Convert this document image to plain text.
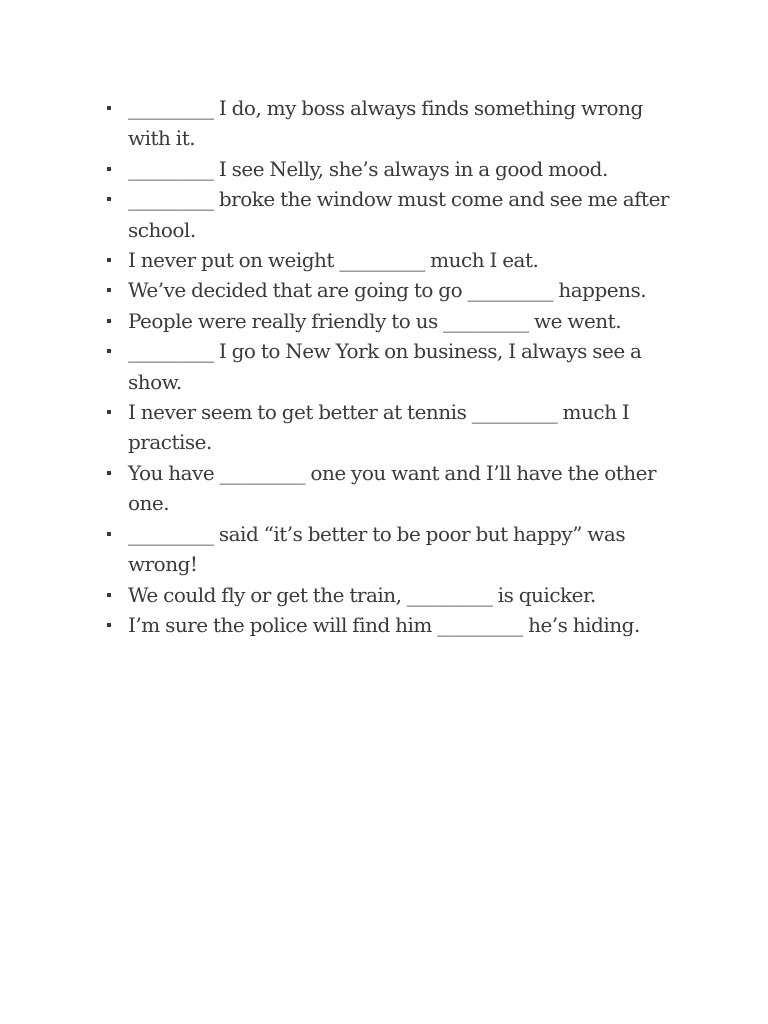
_________ I do, my boss always finds something wrong with it.
_________ I see Nelly, she’s always in a good mood.
_________ broke the window must come and see me after school.
I never put on weight _________ much I eat.
We’ve decided that are going to go _________ happens.
People were really friendly to us _________ we went.
_________ I go to New York on business, I always see a show.
I never seem to get better at tennis _________ much I practise.
You have _________ one you want and I’ll have the other one.
_________ said “it’s better to be poor but happy” was wrong!
We could fly or get the train, _________ is quicker.
I’m sure the police will find him _________ he’s hiding.
